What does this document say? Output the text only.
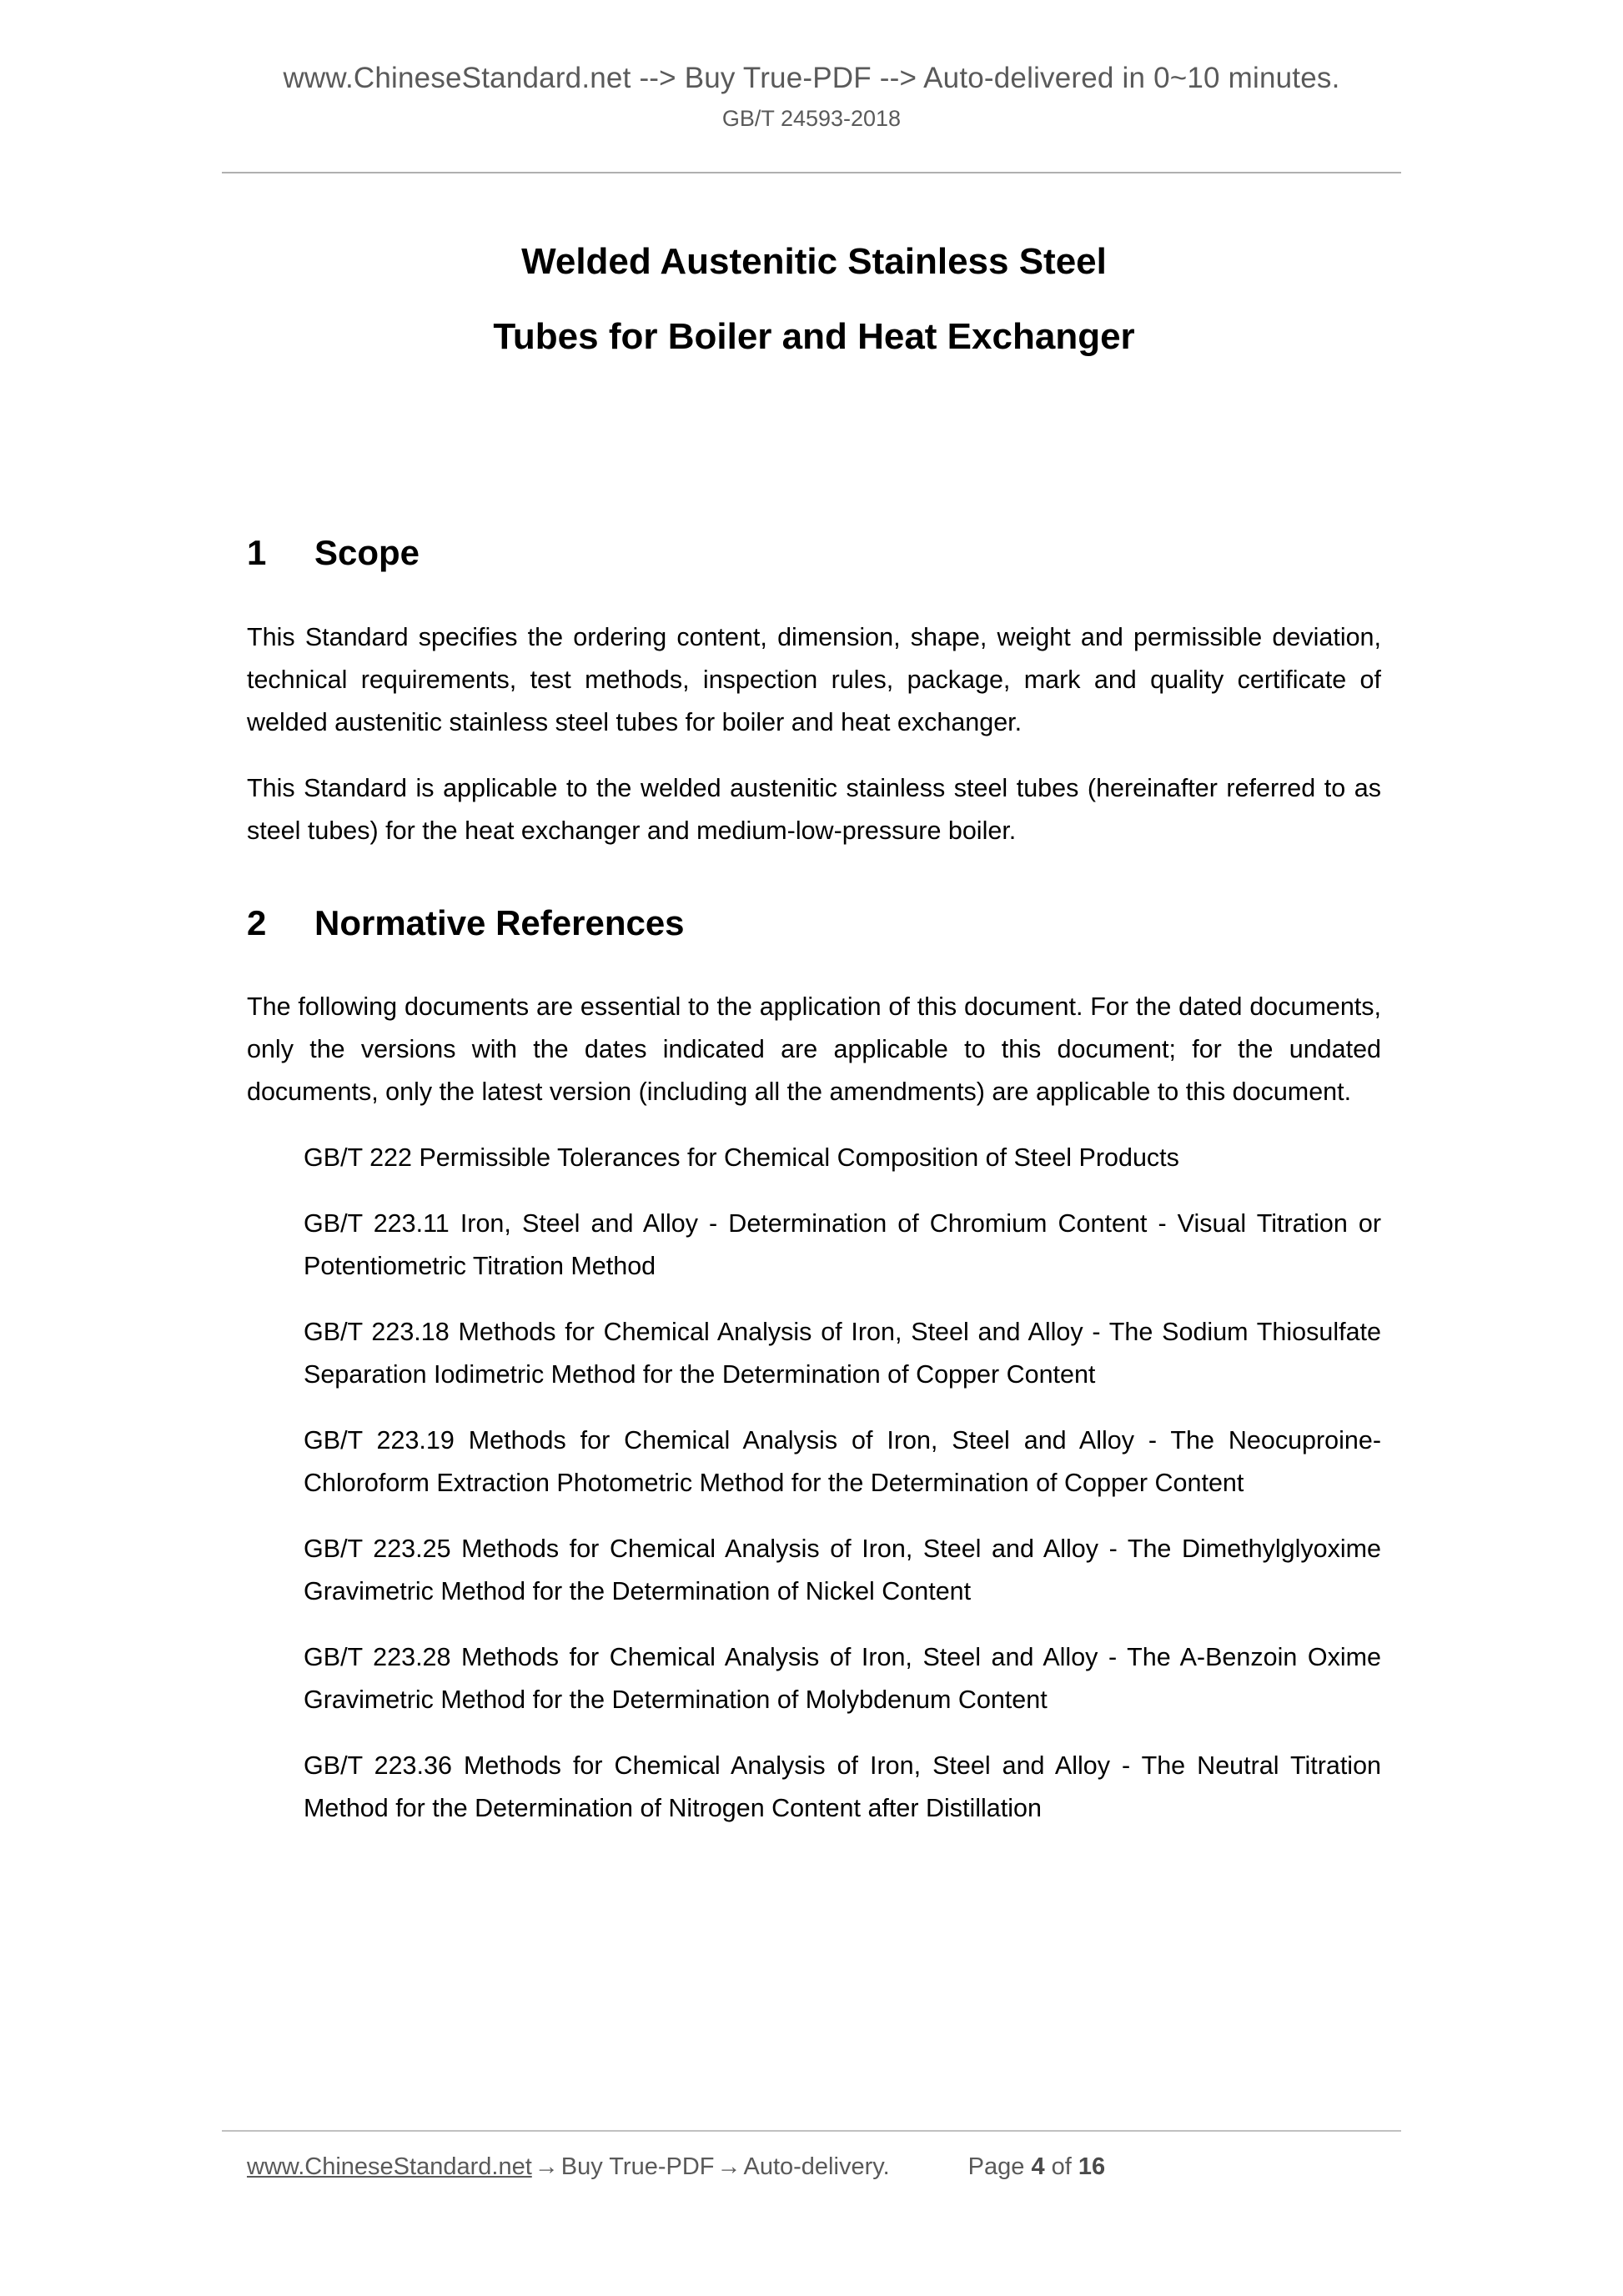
www.ChineseStandard.net --> Buy True-PDF --> Auto-delivered in 0~10 minutes.
GB/T 24593-2018
Welded Austenitic Stainless Steel
Tubes for Boiler and Heat Exchanger
1	Scope

This Standard specifies the ordering content, dimension, shape, weight and permissible deviation, technical requirements, test methods, inspection rules, package, mark and quality certificate of welded austenitic stainless steel tubes for boiler and heat exchanger.

This Standard is applicable to the welded austenitic stainless steel tubes (hereinafter referred to as steel tubes) for the heat exchanger and medium-low-pressure boiler.

2	Normative References

The following documents are essential to the application of this document. For the dated documents, only the versions with the dates indicated are applicable to this document; for the undated documents, only the latest version (including all the amendments) are applicable to this document.

GB/T 222 Permissible Tolerances for Chemical Composition of Steel Products

GB/T 223.11 Iron, Steel and Alloy - Determination of Chromium Content - Visual Titration or Potentiometric Titration Method

GB/T 223.18 Methods for Chemical Analysis of Iron, Steel and Alloy - The Sodium Thiosulfate Separation Iodimetric Method for the Determination of Copper Content

GB/T 223.19 Methods for Chemical Analysis of Iron, Steel and Alloy - The Neocuproine-Chloroform Extraction Photometric Method for the Determination of Copper Content

GB/T 223.25 Methods for Chemical Analysis of Iron, Steel and Alloy - The Dimethylglyoxime Gravimetric Method for the Determination of Nickel Content

GB/T 223.28 Methods for Chemical Analysis of Iron, Steel and Alloy - The A-Benzoin Oxime Gravimetric Method for the Determination of Molybdenum Content

GB/T 223.36 Methods for Chemical Analysis of Iron, Steel and Alloy - The Neutral Titration Method for the Determination of Nitrogen Content after Distillation

www.ChineseStandard.net → Buy True-PDF → Auto-delivery.	Page 4 of 16
